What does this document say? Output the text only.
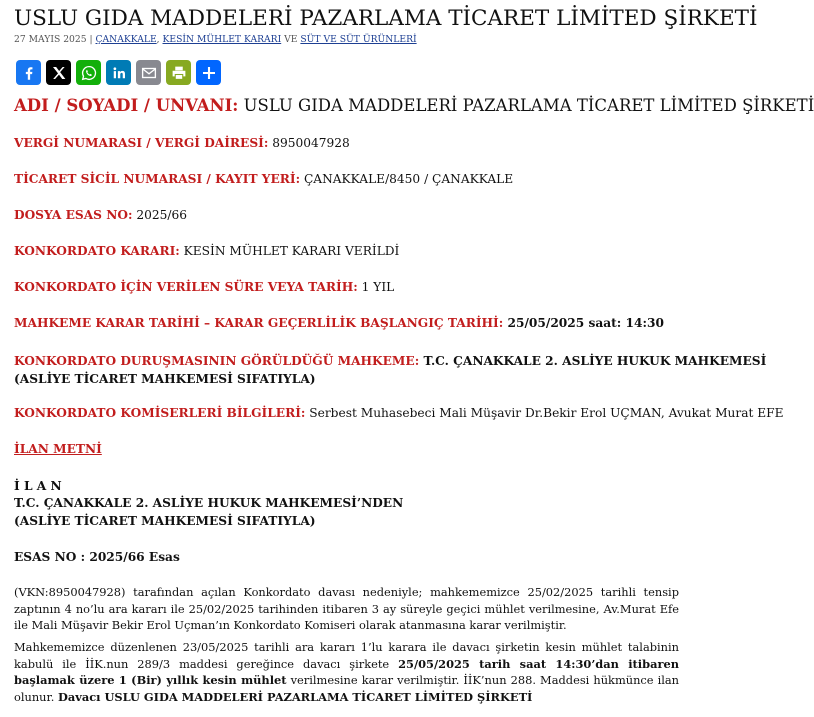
USLU GIDA MADDELERİ PAZARLAMA TİCARET LİMİTED ŞİRKETİ
27 MAYIS 2025 | ÇANAKKALE, KESİN MÜHLET KARARI VE SÜT VE SÜT ÜRÜNLERİ
ADI / SOYADI / UNVANI: USLU GIDA MADDELERİ PAZARLAMA TİCARET LİMİTED ŞİRKETİ
VERGİ NUMARASI / VERGİ DAİRESİ: 8950047928
TİCARET SİCİL NUMARASI / KAYIT YERİ: ÇANAKKALE/8450 / ÇANAKKALE
DOSYA ESAS NO: 2025/66
KONKORDATO KARARI: KESİN MÜHLET KARARI VERİLDİ
KONKORDATO İÇİN VERİLEN SÜRE VEYA TARİH: 1 YIL
MAHKEME KARAR TARİHİ – KARAR GEÇERLİLİK BAŞLANGIÇ TARİHİ: 25/05/2025 saat: 14:30
KONKORDATO DURUŞMASININ GÖRÜLDÜĞÜ MAHKEME: T.C. ÇANAKKALE 2. ASLİYE HUKUK MAHKEMESİ
(ASLİYE TİCARET MAHKEMESİ SIFATIYLA)
KONKORDATO KOMİSERLERİ BİLGİLERİ: Serbest Muhasebeci Mali Müşavir Dr.Bekir Erol UÇMAN, Avukat Murat EFE
İLAN METNİ
İ L A N
T.C. ÇANAKKALE 2. ASLİYE HUKUK MAHKEMESİ’NDEN
(ASLİYE TİCARET MAHKEMESİ SIFATIYLA)
ESAS NO : 2025/66 Esas
(VKN:8950047928) tarafından açılan Konkordato davası nedeniyle; mahkememizce 25/02/2025 tarihli tensip zaptının 4 no’lu ara kararı ile 25/02/2025 tarihinden itibaren 3 ay süreyle geçici mühlet verilmesine, Av.Murat Efe ile Mali Müşavir Bekir Erol Uçman’ın Konkordato Komiseri olarak atanmasına karar verilmiştir.
Mahkememizce düzenlenen 23/05/2025 tarihli ara kararı 1’lu karara ile davacı şirketin kesin mühlet talabinin kabulü ile İİK.nun 289/3 maddesi gereğince davacı şirkete 25/05/2025 tarih saat 14:30’dan itibaren başlamak üzere 1 (Bir) yıllık kesin mühlet verilmesine karar verilmiştir. İİK’nun 288. Maddesi hükmünce ilan olunur. Davacı USLU GIDA MADDELERİ PAZARLAMA TİCARET LİMİTED ŞİRKETİ
